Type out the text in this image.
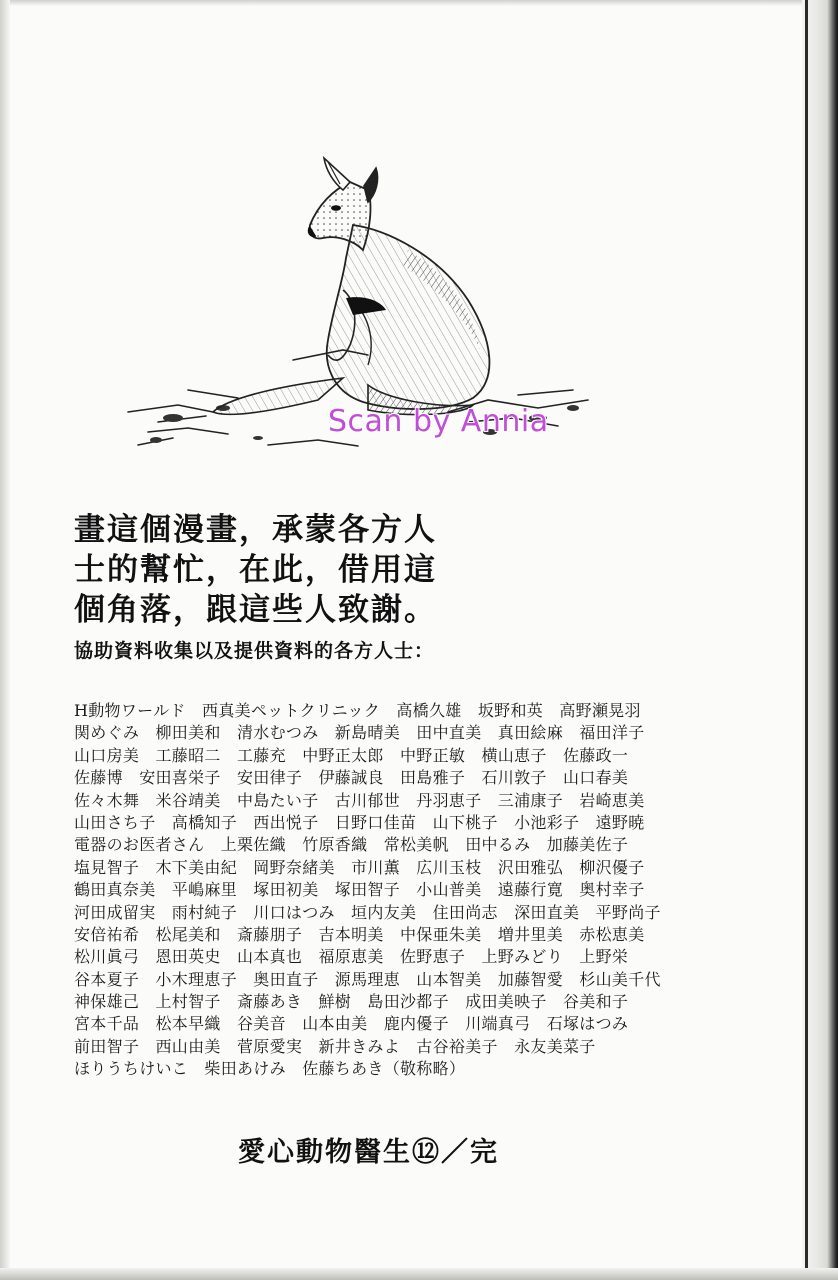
Scan by Annia
畫這個漫畫，承蒙各方人
士的幫忙，在此，借用這
個角落，跟這些人致謝。
協助資料收集以及提供資料的各方人士：
H動物ワールド　西真美ペットクリニック　高橋久雄　坂野和英　高野瀬晃羽
関めぐみ　柳田美和　清水むつみ　新島晴美　田中直美　真田絵麻　福田洋子
山口房美　工藤昭二　工藤充　中野正太郎　中野正敏　横山恵子　佐藤政一
佐藤博　安田喜栄子　安田律子　伊藤誠良　田島雅子　石川敦子　山口春美
佐々木舞　米谷靖美　中島たい子　古川郁世　丹羽恵子　三浦康子　岩崎恵美
山田さち子　高橋知子　西出悦子　日野口佳苗　山下桃子　小池彩子　遠野暁
電器のお医者さん　上栗佐織　竹原香織　常松美帆　田中るみ　加藤美佐子
塩見智子　木下美由紀　岡野奈緒美　市川薫　広川玉枝　沢田雅弘　柳沢優子
鶴田真奈美　平嶋麻里　塚田初美　塚田智子　小山普美　遠藤行寛　奥村幸子
河田成留実　雨村純子　川口はつみ　垣内友美　住田尚志　深田直美　平野尚子
安倍祐希　松尾美和　斎藤朋子　吉本明美　中保亜朱美　増井里美　赤松恵美
松川眞弓　恩田英史　山本真也　福原恵美　佐野恵子　上野みどり　上野栄
谷本夏子　小木理恵子　奥田直子　源馬理恵　山本智美　加藤智愛　杉山美千代
神保雄己　上村智子　斎藤あき　鮮樹　島田沙都子　成田美映子　谷美和子
宮本千品　松本早織　谷美音　山本由美　鹿内優子　川端真弓　石塚はつみ
前田智子　西山由美　菅原愛実　新井きみよ　古谷裕美子　永友美菜子
ほりうちけいこ　柴田あけみ　佐藤ちあき（敬称略）
愛心動物醫生⑫／完
